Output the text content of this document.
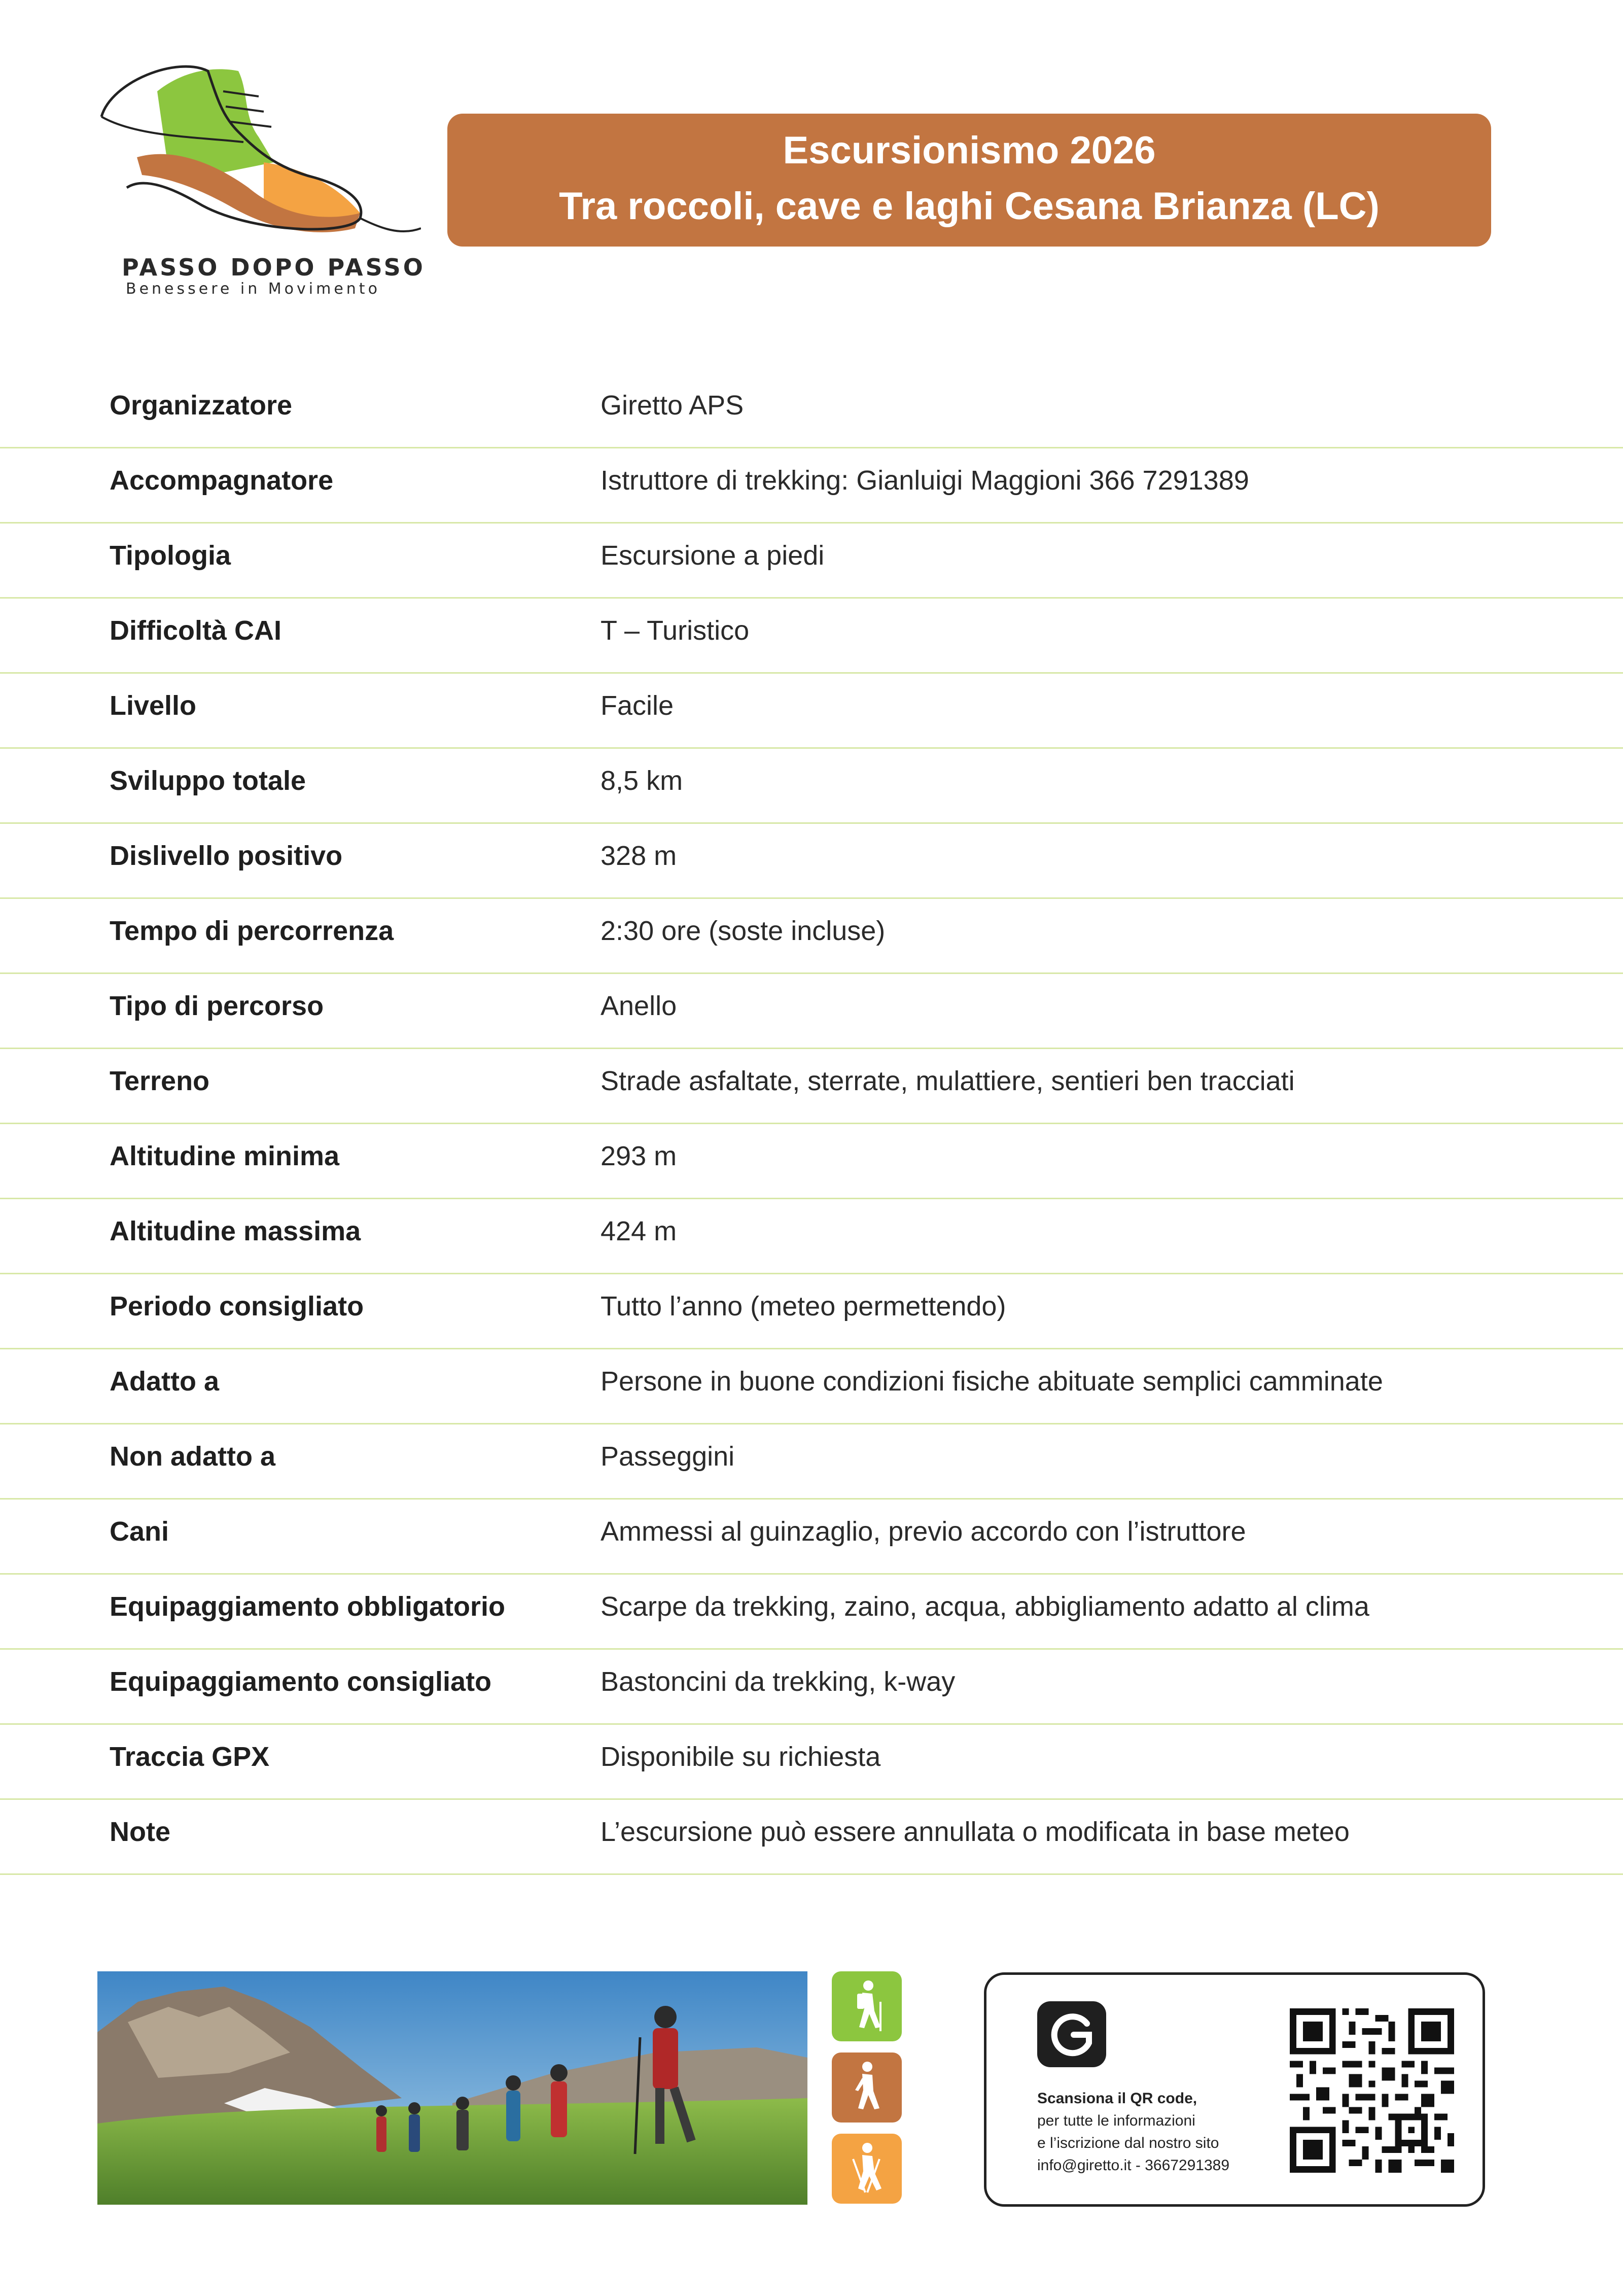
PASSO DOPO PASSO
Benessere in Movimento
Escursionismo 2026
Tra roccoli, cave e laghi Cesana Brianza (LC)
Organizzatore	Giretto APS
Accompagnatore	Istruttore di trekking: Gianluigi Maggioni 366 7291389
Tipologia	Escursione a piedi
Difficoltà CAI	T – Turistico
Livello	Facile
Sviluppo totale	8,5 km
Dislivello positivo	328 m
Tempo di percorrenza	2:30 ore (soste incluse)
Tipo di percorso	Anello
Terreno	Strade asfaltate, sterrate, mulattiere, sentieri ben tracciati
Altitudine minima	293 m
Altitudine massima	424 m
Periodo consigliato	Tutto l’anno (meteo permettendo)
Adatto a	Persone in buone condizioni fisiche abituate semplici camminate
Non adatto a	Passeggini
Cani	Ammessi al guinzaglio, previo accordo con l’istruttore
Equipaggiamento obbligatorio	Scarpe da trekking, zaino, acqua, abbigliamento adatto al clima
Equipaggiamento consigliato	Bastoncini da trekking, k-way
Traccia GPX	Disponibile su richiesta
Note	L’escursione può essere annullata o modificata in base meteo
Scansiona il QR code,
per tutte le informazioni
e l’iscrizione dal nostro sito
info@giretto.it - 3667291389
